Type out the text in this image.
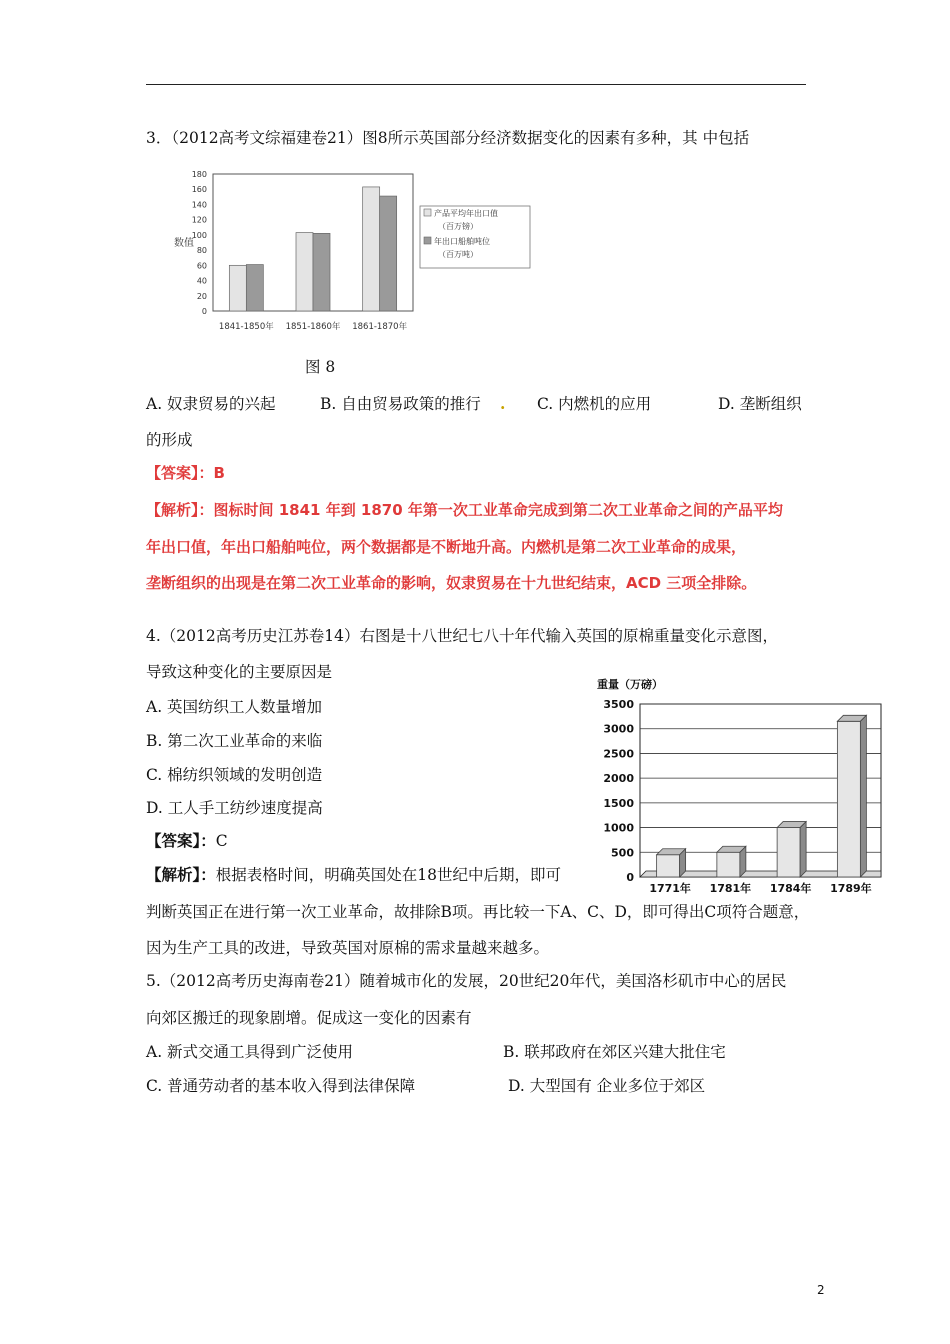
3．（2012高考文综福建卷21）图8所示英国部分经济数据变化的因素有多种，其 中包括
0
20
40
60
80
100
120
140
160
180
1841-1850年 1851-1860年 1861-1870年
数值
产品平均年出口值
（百万镑）
年出口船舶吨位
（百万吨）
图 8
A. 奴隶贸易的兴起	B. 自由贸易政策的推行 . C. 内燃机的应用	D. 垄断组织
的形成
【答案】：B
【解析】：图标时间 1841 年到 1870 年第一次工业革命完成到第二次工业革命之间的产品平均
年出口值，年出口船舶吨位，两个数据都是不断地升高。内燃机是第二次工业革命的成果，
垄断组织的出现是在第二次工业革命的影响，奴隶贸易在十九世纪结束，ACD 三项全排除。
4.（2012高考历史江苏卷14）右图是十八世纪七八十年代输入英国的原棉重量变化示意图，
导致这种变化的主要原因是
A. 英国纺织工人数量增加
B. 第二次工业革命的来临
C. 棉纺织领域的发明创造
D. 工人手工纺纱速度提高
【答案】：C
【解析】：根据表格时间，明确英国处在18世纪中后期，即可
判断英国正在进行第一次工业革命，故排除B项。再比较一下A、C、D，即可得出C项符合题意，
因为生产工具的改进，导致英国对原棉的需求量越来越多。
重量（万磅）
0
500
1000
1500
2000
2500
3000
3500
1771年 1781年 1784年 1789年
5.（2012高考历史海南卷21）随着城市化的发展，20世纪20年代，美国洛杉矶市中心的居民
向郊区搬迁的现象剧增。促成这一变化的因素有
A. 新式交通工具得到广泛使用	B. 联邦政府在郊区兴建大批住宅
C. 普通劳动者的基本收入得到法律保障	D. 大型国有 企业多位于郊区
2
